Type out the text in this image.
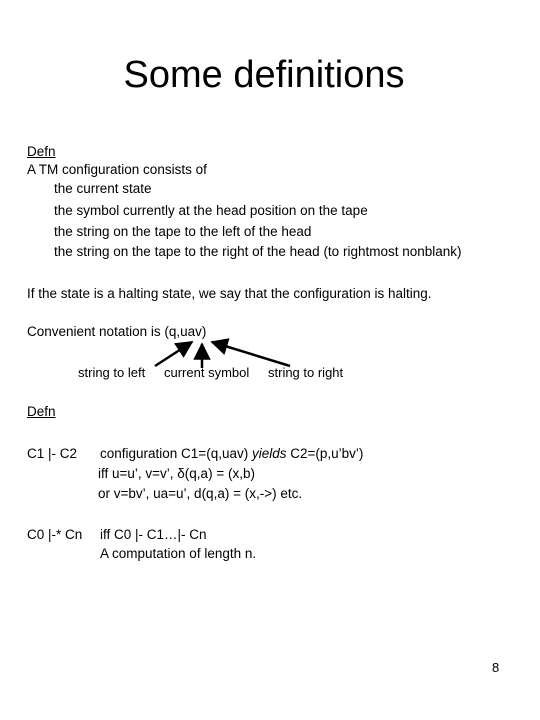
Some definitions
Defn
A TM configuration consists of
the current state
the symbol currently at the head position on the tape
the string on the tape to the left of the head
the string on the tape to the right of the head (to rightmost nonblank)
If the state is a halting state, we say that the configuration is halting.
Convenient notation is (q,uav)
string to left current symbol string to right
Defn
C1 |- C2 configuration C1=(q,uav) yields C2=(p,u’bv’)
iff u=u’, v=v’, δ(q,a) = (x,b)
or v=bv’, ua=u’, d(q,a) = (x,->) etc.
C0 |-* Cn iff C0 |- C1…|- Cn
A computation of length n.
8
